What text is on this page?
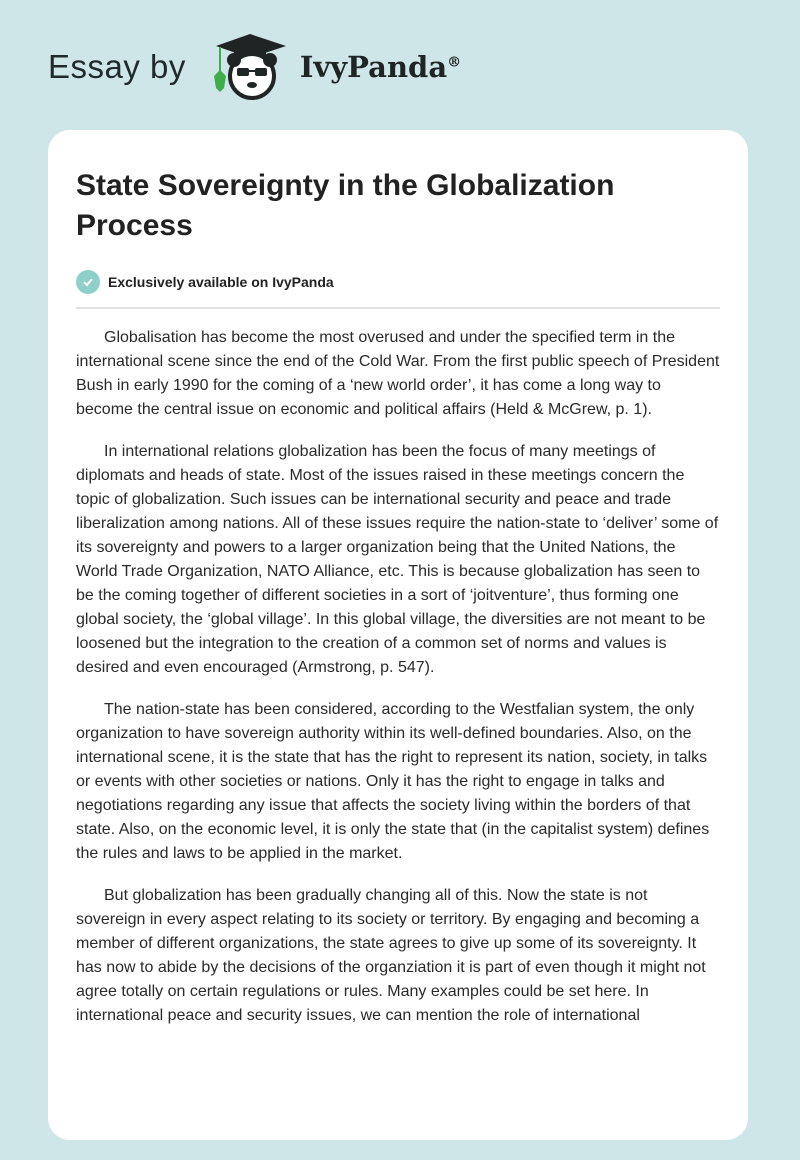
Essay by	IvyPanda®
State Sovereignty in the Globalization Process
Exclusively available on IvyPanda

Globalisation has become the most overused and under the specified term in the international scene since the end of the Cold War. From the first public speech of President Bush in early 1990 for the coming of a ‘new world order’, it has come a long way to become the central issue on economic and political affairs (Held & McGrew, p. 1).

In international relations globalization has been the focus of many meetings of diplomats and heads of state. Most of the issues raised in these meetings concern the topic of globalization. Such issues can be international security and peace and trade liberalization among nations. All of these issues require the nation-state to ‘deliver’ some of its sovereignty and powers to a larger organization being that the United Nations, the World Trade Organization, NATO Alliance, etc. This is because globalization has seen to be the coming together of different societies in a sort of ‘joitventure’, thus forming one global society, the ‘global village’. In this global village, the diversities are not meant to be loosened but the integration to the creation of a common set of norms and values is desired and even encouraged (Armstrong, p. 547).

The nation-state has been considered, according to the Westfalian system, the only organization to have sovereign authority within its well-defined boundaries. Also, on the international scene, it is the state that has the right to represent its nation, society, in talks or events with other societies or nations. Only it has the right to engage in talks and negotiations regarding any issue that affects the society living within the borders of that state. Also, on the economic level, it is only the state that (in the capitalist system) defines the rules and laws to be applied in the market.

But globalization has been gradually changing all of this. Now the state is not sovereign in every aspect relating to its society or territory. By engaging and becoming a member of different organizations, the state agrees to give up some of its sovereignty. It has now to abide by the decisions of the organziation it is part of even though it might not agree totally on certain regulations or rules. Many examples could be set here. In international peace and security issues, we can mention the role of international
